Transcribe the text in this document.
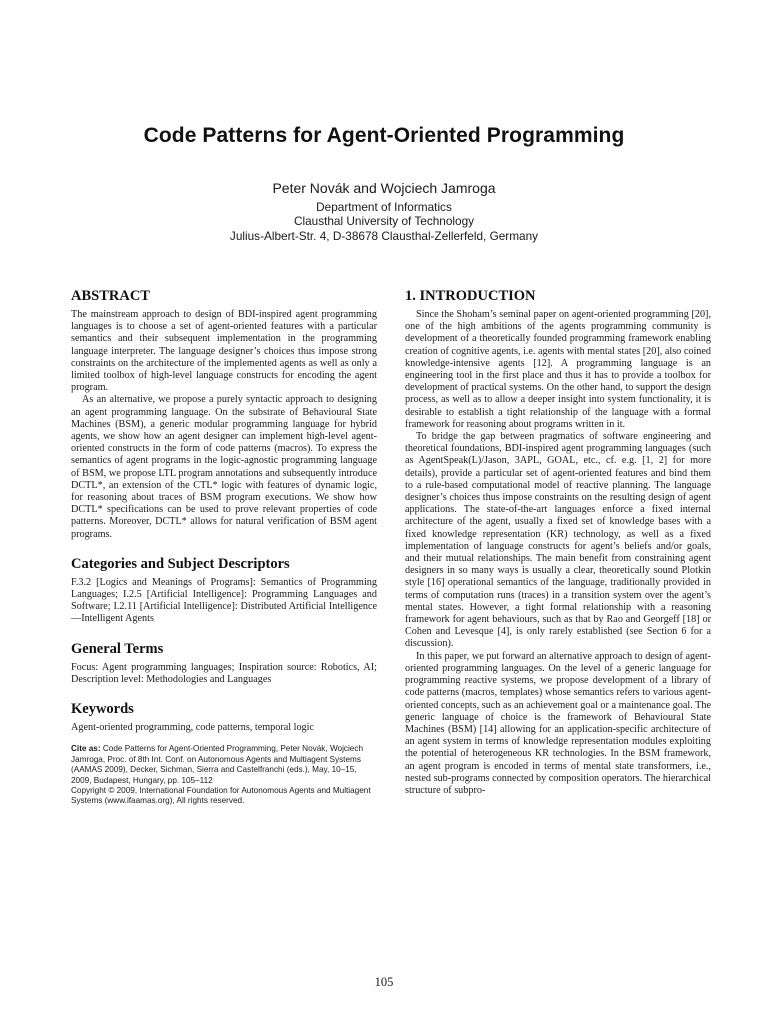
Code Patterns for Agent-Oriented Programming
Peter Novák and Wojciech Jamroga
Department of Informatics
Clausthal University of Technology
Julius-Albert-Str. 4, D-38678 Clausthal-Zellerfeld, Germany
ABSTRACT

The mainstream approach to design of BDI-inspired agent programming languages is to choose a set of agent-oriented features with a particular semantics and their subsequent implementation in the programming language interpreter. The language designer’s choices thus impose strong constraints on the architecture of the implemented agents as well as only a limited toolbox of high-level language constructs for encoding the agent program.

As an alternative, we propose a purely syntactic approach to designing an agent programming language. On the substrate of Behavioural State Machines (BSM), a generic modular programming language for hybrid agents, we show how an agent designer can implement high-level agent-oriented constructs in the form of code patterns (macros). To express the semantics of agent programs in the logic-agnostic programming language of BSM, we propose LTL program annotations and subsequently introduce DCTL*, an extension of the CTL* logic with features of dynamic logic, for reasoning about traces of BSM program executions. We show how DCTL* specifications can be used to prove relevant properties of code patterns. Moreover, DCTL* allows for natural verification of BSM agent programs.

Categories and Subject Descriptors

F.3.2 [Logics and Meanings of Programs]: Semantics of Programming Languages; I.2.5 [Artificial Intelligence]: Programming Languages and Software; I.2.11 [Artificial Intelligence]: Distributed Artificial Intelligence—Intelligent Agents

General Terms

Focus: Agent programming languages; Inspiration source: Robotics, AI; Description level: Methodologies and Languages

Keywords

Agent-oriented programming, code patterns, temporal logic

Cite as: Code Patterns for Agent-Oriented Programming, Peter Novák, Wojciech Jamroga, Proc. of 8th Int. Conf. on Autonomous Agents and Multiagent Systems (AAMAS 2009), Decker, Sichman, Sierra and Castelfranchi (eds.), May, 10–15, 2009, Budapest, Hungary, pp. 105–112
Copyright © 2009, International Foundation for Autonomous Agents and Multiagent Systems (www.ifaamas.org), All rights reserved.
1. INTRODUCTION

Since the Shoham’s seminal paper on agent-oriented programming [20], one of the high ambitions of the agents programming community is development of a theoretically founded programming framework enabling creation of cognitive agents, i.e. agents with mental states [20], also coined knowledge-intensive agents [12]. A programming language is an engineering tool in the first place and thus it has to provide a toolbox for development of practical systems. On the other hand, to support the design process, as well as to allow a deeper insight into system functionality, it is desirable to establish a tight relationship of the language with a formal framework for reasoning about programs written in it.

To bridge the gap between pragmatics of software engineering and theoretical foundations, BDI-inspired agent programming languages (such as AgentSpeak(L)/Jason, 3APL, GOAL, etc., cf. e.g. [1, 2] for more details), provide a particular set of agent-oriented features and bind them to a rule-based computational model of reactive planning. The language designer’s choices thus impose constraints on the resulting design of agent applications. The state-of-the-art languages enforce a fixed internal architecture of the agent, usually a fixed set of knowledge bases with a fixed knowledge representation (KR) technology, as well as a fixed implementation of language constructs for agent’s beliefs and/or goals, and their mutual relationships. The main benefit from constraining agent designers in so many ways is usually a clear, theoretically sound Plotkin style [16] operational semantics of the language, traditionally provided in terms of computation runs (traces) in a transition system over the agent’s mental states. However, a tight formal relationship with a reasoning framework for agent behaviours, such as that by Rao and Georgeff [18] or Cohen and Levesque [4], is only rarely established (see Section 6 for a discussion).

In this paper, we put forward an alternative approach to design of agent-oriented programming languages. On the level of a generic language for programming reactive systems, we propose development of a library of code patterns (macros, templates) whose semantics refers to various agent-oriented concepts, such as an achievement goal or a maintenance goal. The generic language of choice is the framework of Behavioural State Machines (BSM) [14] allowing for an application-specific architecture of an agent system in terms of knowledge representation modules exploiting the potential of heterogeneous KR technologies. In the BSM framework, an agent program is encoded in terms of mental state transformers, i.e., nested sub-programs connected by composition operators. The hierarchical structure of subpro-

105
